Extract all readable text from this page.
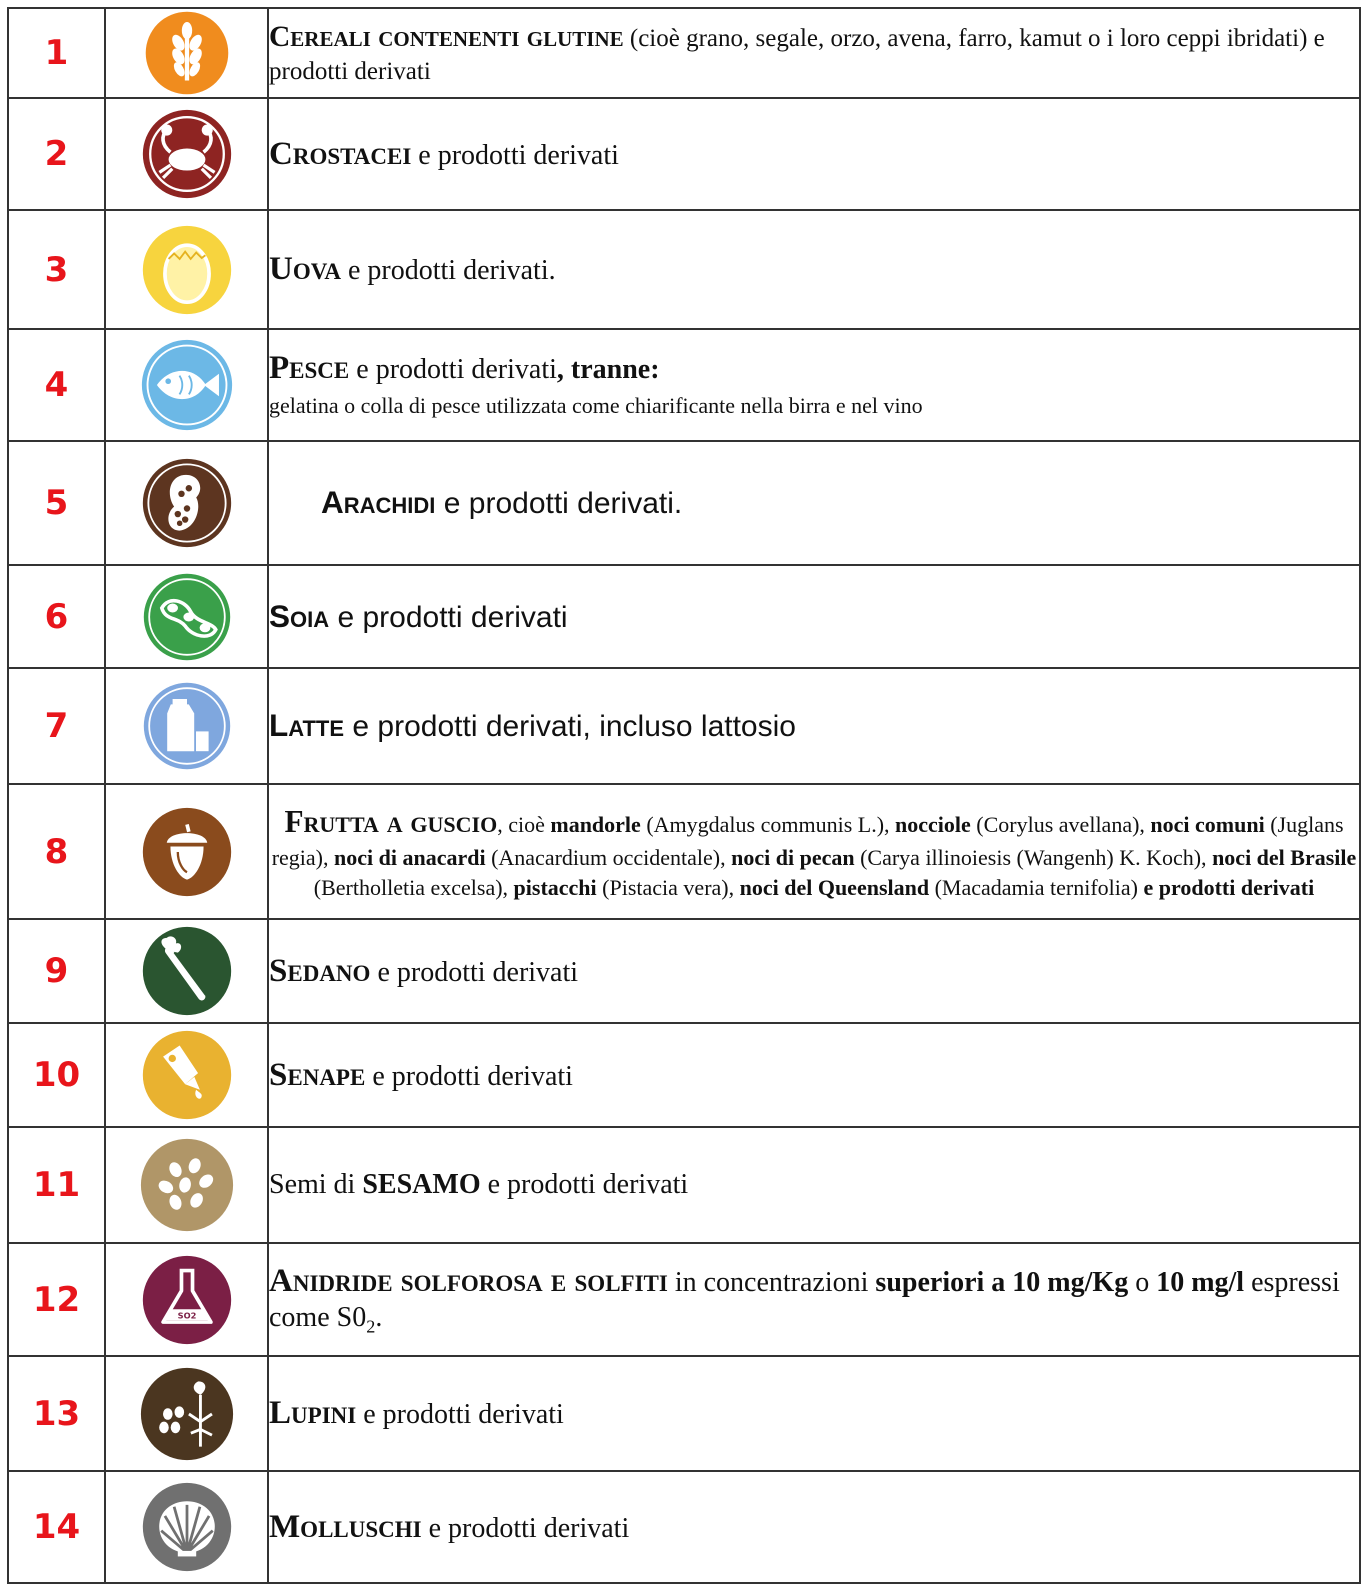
1		Cereali contenenti glutine (cioè grano, segale, orzo, avena, farro, kamut o i loro ceppi ibridati) e prodotti derivati
2		Crostacei e prodotti derivati
3		Uova e prodotti derivati.
4		Pesce e prodotti derivati, tranne:
gelatina o colla di pesce utilizzata come chiarificante nella birra e nel vino
5		Arachidi e prodotti derivati.
6		Soia e prodotti derivati
7		Latte e prodotti derivati, incluso lattosio
8		Frutta a guscio, cioè mandorle (Amygdalus communis L.), nocciole (Corylus avellana), noci comuni (Juglans regia), noci di anacardi (Anacardium occidentale), noci di pecan (Carya illinoiesis (Wangenh) K. Koch), noci del Brasile (Bertholletia excelsa), pistacchi (Pistacia vera), noci del Queensland (Macadamia ternifolia) e prodotti derivati
9		Sedano e prodotti derivati
10		Senape e prodotti derivati
11		Semi di SESAMO e prodotti derivati
12	SO2	Anidride solforosa e solfiti in concentrazioni superiori a 10 mg/Kg o 10 mg/l espressi come $S0_2$.
13		Lupini e prodotti derivati
14		Molluschi e prodotti derivati
